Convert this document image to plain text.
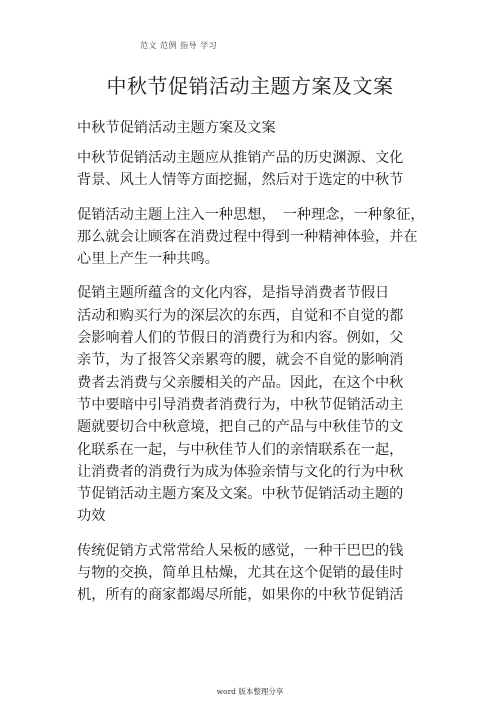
范文 范例 指导 学习
中秋节促销活动主题方案及文案
中秋节促销活动主题方案及文案
中秋节促销活动主题应从推销产品的历史渊源、文化
背景、风土人情等方面挖掘，然后对于选定的中秋节
促销活动主题上注入一种思想，　一种理念，一种象征，
那么就会让顾客在消费过程中得到一种精神体验，并在
心里上产生一种共鸣。
促销主题所蕴含的文化内容，是指导消费者节假日
活动和购买行为的深层次的东西，自觉和不自觉的都
会影响着人们的节假日的消费行为和内容。例如，父
亲节，为了报答父亲累弯的腰，就会不自觉的影响消
费者去消费与父亲腰相关的产品。因此，在这个中秋
节中要暗中引导消费者消费行为，中秋节促销活动主
题就要切合中秋意境，把自己的产品与中秋佳节的文
化联系在一起，与中秋佳节人们的亲情联系在一起，
让消费者的消费行为成为体验亲情与文化的行为中秋
节促销活动主题方案及文案。中秋节促销活动主题的
功效
传统促销方式常常给人呆板的感觉，一种干巴巴的钱
与物的交换，简单且枯燥，尤其在这个促销的最佳时
机，所有的商家都竭尽所能，如果你的中秋节促销活
word 版本整理分享
